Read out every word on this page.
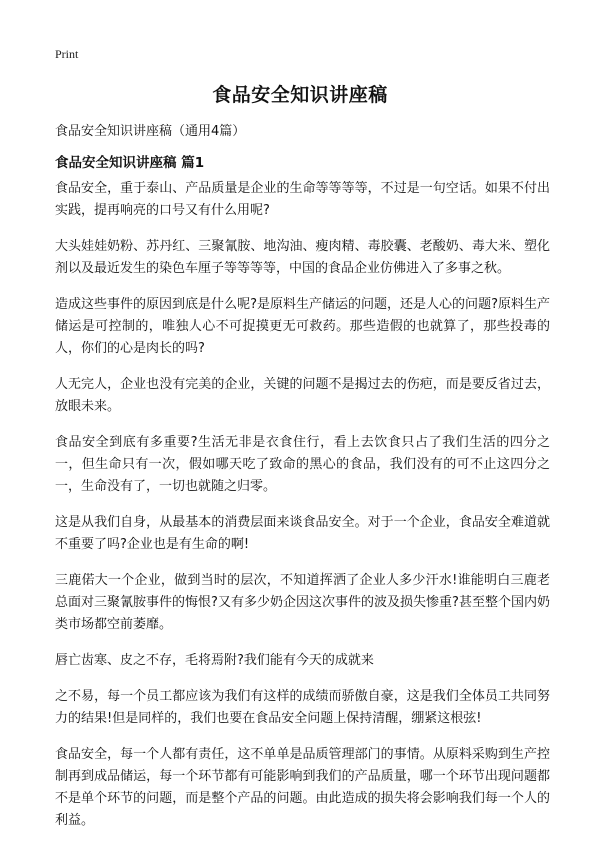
Print
食品安全知识讲座稿
食品安全知识讲座稿（通用4篇）
食品安全知识讲座稿 篇1

食品安全，重于泰山、产品质量是企业的生命等等等等，不过是一句空话。如果不付出实践，提再响亮的口号又有什么用呢?

大头娃娃奶粉、苏丹红、三聚氰胺、地沟油、瘦肉精、毒胶囊、老酸奶、毒大米、塑化剂以及最近发生的染色车厘子等等等等，中国的食品企业仿佛进入了多事之秋。

造成这些事件的原因到底是什么呢?是原料生产储运的问题，还是人心的问题?原料生产储运是可控制的，唯独人心不可捉摸更无可救药。那些造假的也就算了，那些投毒的人，你们的心是肉长的吗?

人无完人，企业也没有完美的企业，关键的问题不是揭过去的伤疤，而是要反省过去，放眼未来。

食品安全到底有多重要?生活无非是衣食住行，看上去饮食只占了我们生活的四分之一，但生命只有一次，假如哪天吃了致命的黑心的食品，我们没有的可不止这四分之一，生命没有了，一切也就随之归零。

这是从我们自身，从最基本的消费层面来谈食品安全。对于一个企业，食品安全难道就不重要了吗?企业也是有生命的啊!

三鹿偌大一个企业，做到当时的层次，不知道挥洒了企业人多少汗水!谁能明白三鹿老总面对三聚氰胺事件的悔恨?又有多少奶企因这次事件的波及损失惨重?甚至整个国内奶类市场都空前萎靡。

唇亡齿寒、皮之不存，毛将焉附?我们能有今天的成就来

之不易，每一个员工都应该为我们有这样的成绩而骄傲自豪，这是我们全体员工共同努力的结果!但是同样的，我们也要在食品安全问题上保持清醒，绷紧这根弦!

食品安全，每一个人都有责任，这不单单是品质管理部门的事情。从原料采购到生产控制再到成品储运，每一个环节都有可能影响到我们的产品质量，哪一个环节出现问题都不是单个环节的问题，而是整个产品的问题。由此造成的损失将会影响我们每一个人的利益。
